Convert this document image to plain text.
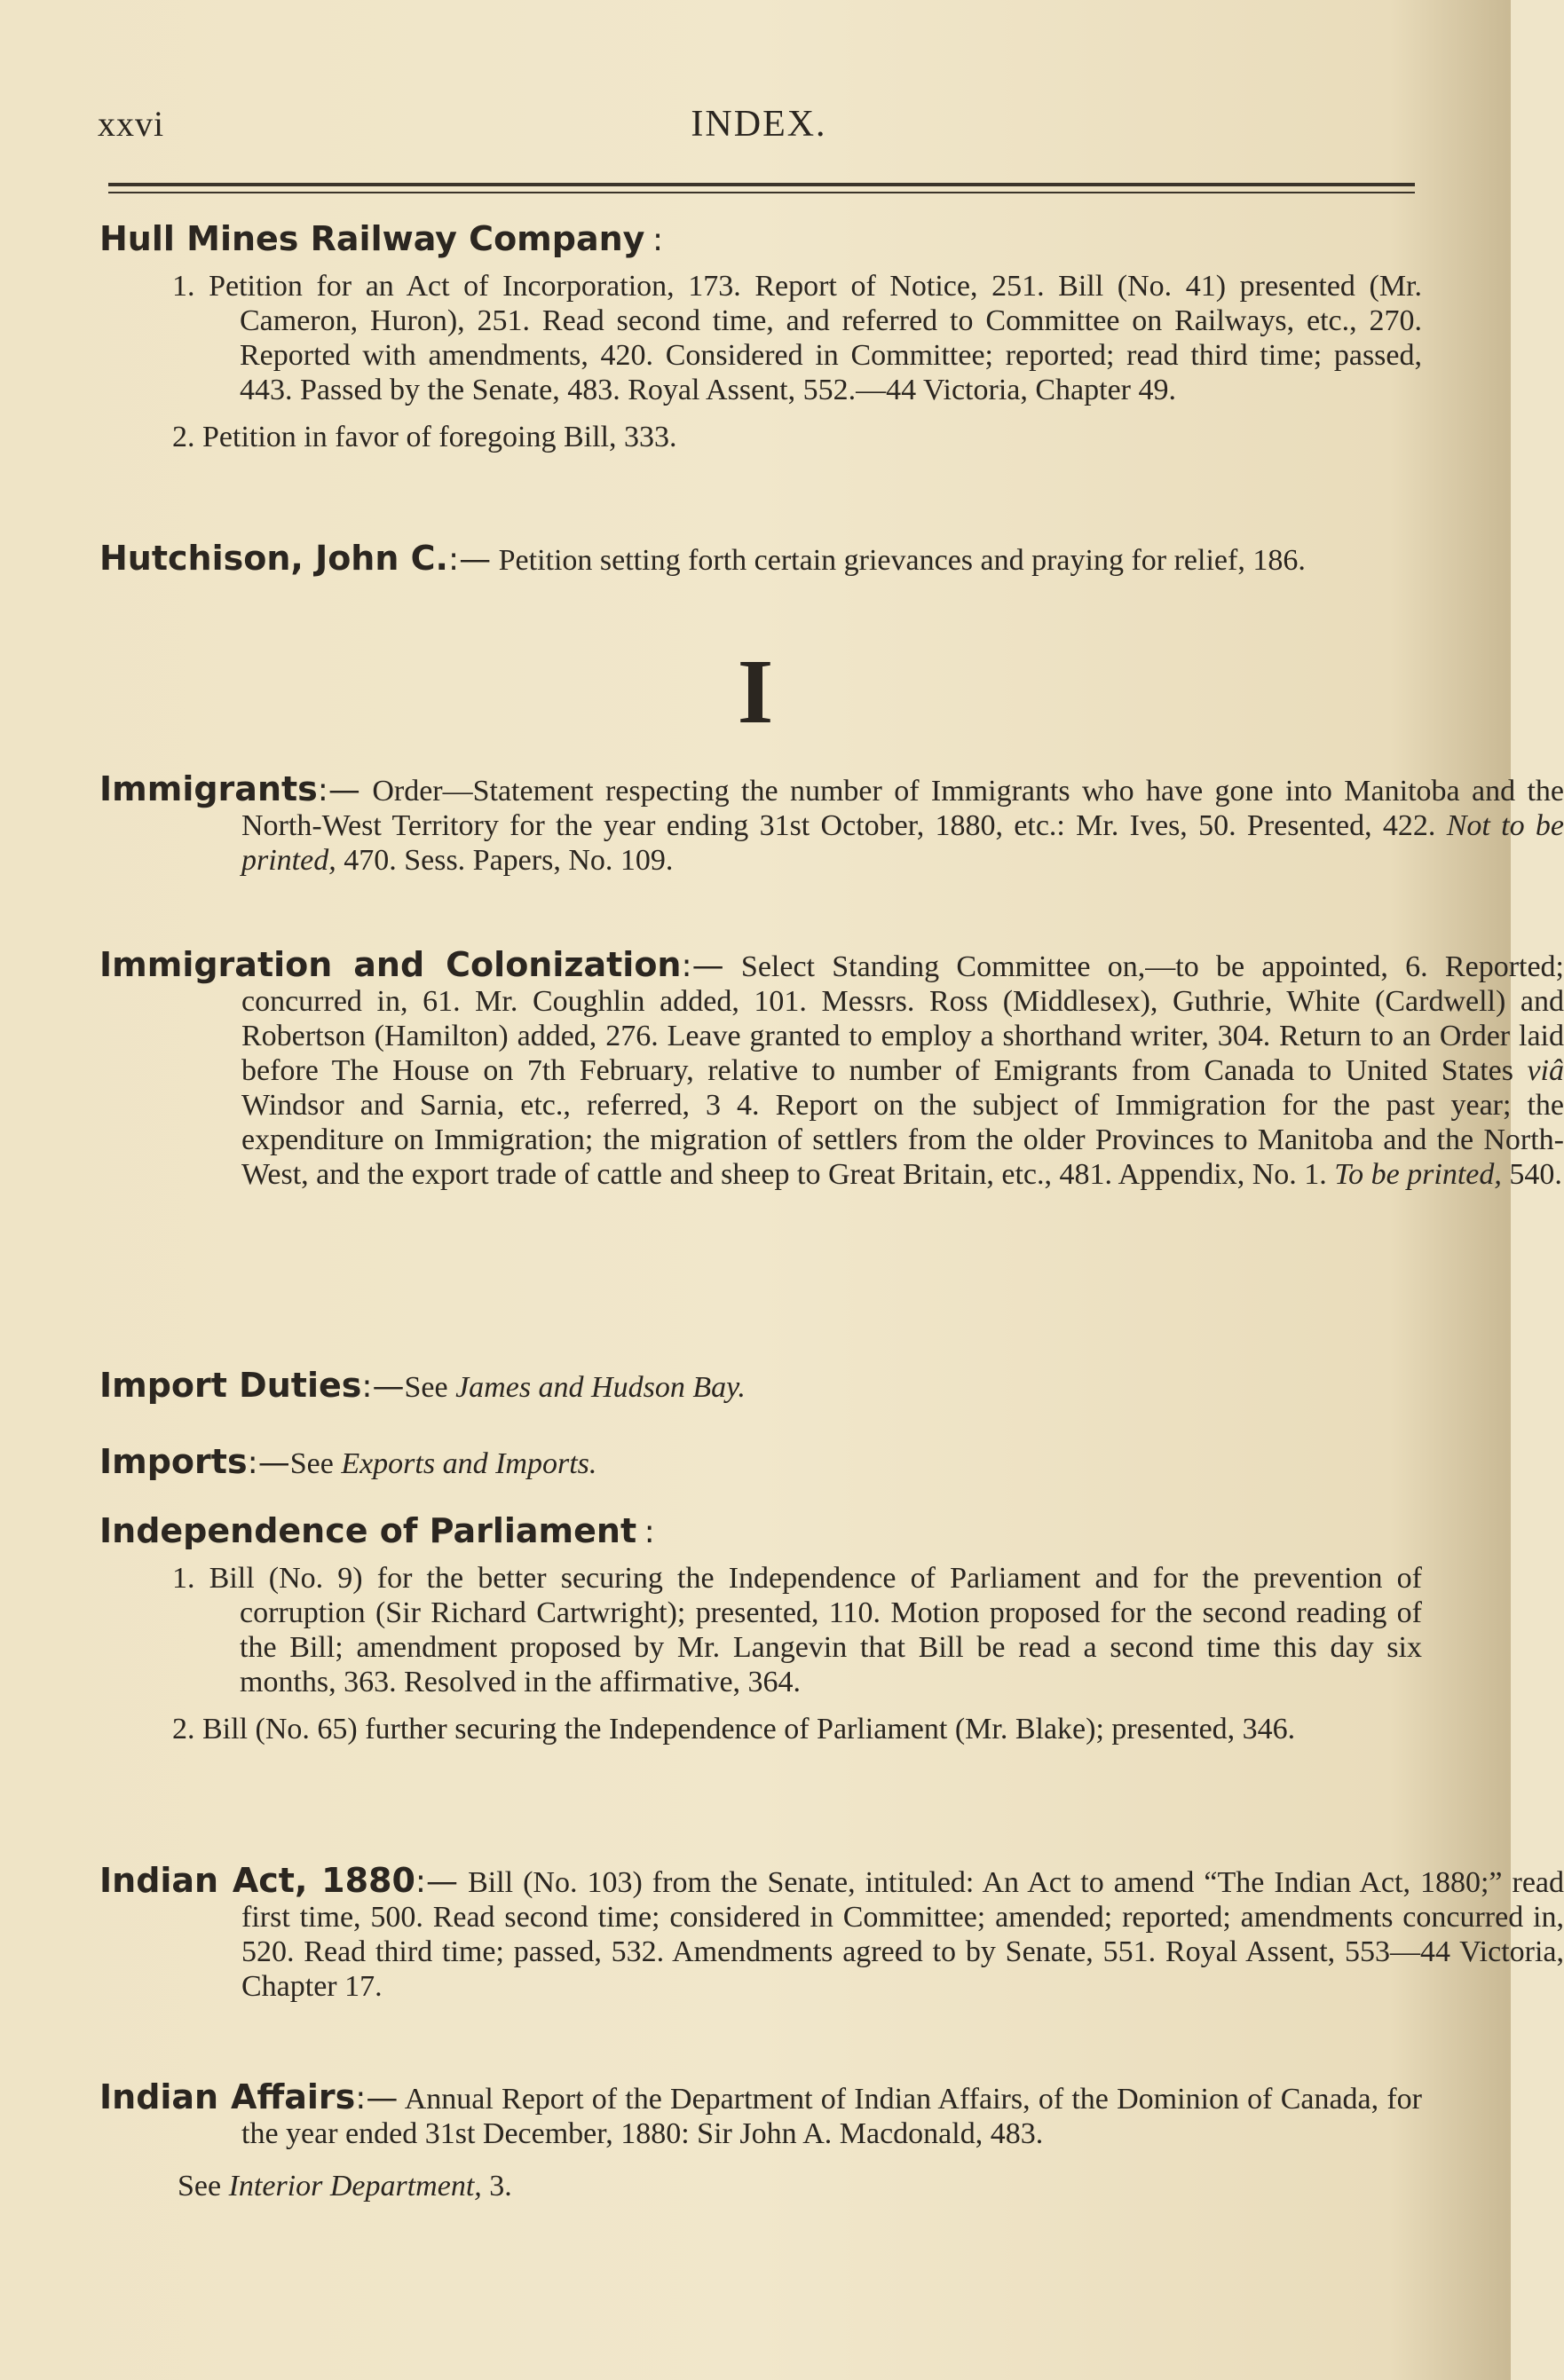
xxvi	INDEX.
Hull Mines Railway Company :
1. Petition for an Act of Incorporation, 173. Report of Notice, 251. Bill (No. 41) presented (Mr. Cameron, Huron), 251. Read second time, and referred to Committee on Railways, etc., 270. Reported with amendments, 420. Considered in Committee; reported; read third time; passed, 443. Passed by the Senate, 483. Royal Assent, 552.—44 Victoria, Chapter 49.
2. Petition in favor of foregoing Bill, 333.
Hutchison, John C.:— Petition setting forth certain grievances and praying for relief, 186.
I
Immigrants:— Order—Statement respecting the number of Immigrants who have gone into Manitoba and the North-West Territory for the year ending 31st October, 1880, etc.: Mr. Ives, 50. Presented, 422. Not to be printed, 470. Sess. Papers, No. 109.
Immigration and Colonization:— Select Standing Committee on,—to be appointed, 6. Reported; concurred in, 61. Mr. Coughlin added, 101. Messrs. Ross (Middlesex), Guthrie, White (Cardwell) and Robertson (Hamilton) added, 276. Leave granted to employ a shorthand writer, 304. Return to an Order laid before The House on 7th February, relative to number of Emigrants from Canada to United States viâ Windsor and Sarnia, etc., referred, 3 4. Report on the subject of Immigration for the past year; the expenditure on Immigration; the migration of settlers from the older Provinces to Manitoba and the North-West, and the export trade of cattle and sheep to Great Britain, etc., 481. Appendix, No. 1. To be printed, 540.
Import Duties:—See James and Hudson Bay.
Imports:—See Exports and Imports.
Independence of Parliament :
1. Bill (No. 9) for the better securing the Independence of Parliament and for the prevention of corruption (Sir Richard Cartwright); presented, 110. Motion proposed for the second reading of the Bill; amendment proposed by Mr. Langevin that Bill be read a second time this day six months, 363. Resolved in the affirmative, 364.
2. Bill (No. 65) further securing the Independence of Parliament (Mr. Blake); presented, 346.
Indian Act, 1880:— Bill (No. 103) from the Senate, intituled: An Act to amend “The Indian Act, 1880;” read first time, 500. Read second time; considered in Committee; amended; reported; amendments concurred in, 520. Read third time; passed, 532. Amendments agreed to by Senate, 551. Royal Assent, 553—44 Victoria, Chapter 17.
Indian Affairs:— Annual Report of the Department of Indian Affairs, of the Dominion of Canada, for the year ended 31st December, 1880: Sir John A. Macdonald, 483.
See Interior Department, 3.
